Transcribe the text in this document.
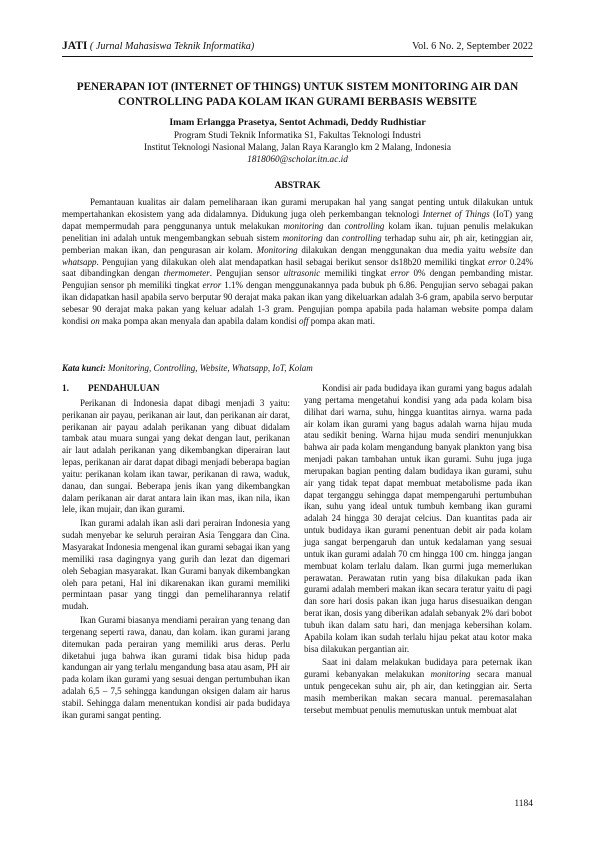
JATI ( Jurnal Mahasiswa Teknik Informatika)	Vol. 6 No. 2, September 2022
PENERAPAN IOT (INTERNET OF THINGS) UNTUK SISTEM MONITORING AIR DAN CONTROLLING PADA KOLAM IKAN GURAMI BERBASIS WEBSITE
Imam Erlangga Prasetya, Sentot Achmadi, Deddy Rudhistiar
Program Studi Teknik Informatika S1, Fakultas Teknologi Industri
Institut Teknologi Nasional Malang, Jalan Raya Karanglo km 2 Malang, Indonesia
1818060@scholar.itn.ac.id
ABSTRAK
Pemantauan kualitas air dalam pemeliharaan ikan gurami merupakan hal yang sangat penting untuk dilakukan untuk mempertahankan ekosistem yang ada didalamnya. Didukung juga oleh perkembangan teknologi Internet of Things (IoT) yang dapat mempermudah para penggunanya untuk melakukan monitoring dan controlling kolam ikan. tujuan penulis melakukan penelitian ini adalah untuk mengembangkan sebuah sistem monitoring dan controlling terhadap suhu air, ph air, ketinggian air, pemberian makan ikan, dan pengurasan air kolam. Monitoring dilakukan dengan menggunakan dua media yaitu website dan whatsapp. Pengujian yang dilakukan oleh alat mendapatkan hasil sebagai berikut sensor ds18b20 memiliki tingkat error 0.24% saat dibandingkan dengan thermometer. Pengujian sensor ultrasonic memiliki tingkat error 0% dengan pembanding mistar. Pengujian sensor ph memiliki tingkat error 1.1% dengan menggunakannya pada bubuk ph 6.86. Pengujian servo sebagai pakan ikan didapatkan hasil apabila servo berputar 90 derajat maka pakan ikan yang dikeluarkan adalah 3-6 gram, apabila servo berputar sebesar 90 derajat maka pakan yang keluar adalah 1-3 gram. Pengujian pompa apabila pada halaman website pompa dalam kondisi on maka pompa akan menyala dan apabila dalam kondisi off pompa akan mati.
Kata kunci: Monitoring, Controlling, Website, Whatsapp, IoT, Kolam
1. PENDAHULUAN

Perikanan di Indonesia dapat dibagi menjadi 3 yaitu: perikanan air payau, perikanan air laut, dan perikanan air darat, perikanan air payau adalah perikanan yang dibuat didalam tambak atau muara sungai yang dekat dengan laut, perikanan air laut adalah perikanan yang dikembangkan diperairan laut lepas, perikanan air darat dapat dibagi menjadi beberapa bagian yaitu: perikanan kolam ikan tawar, perikanan di rawa, waduk, danau, dan sungai. Beberapa jenis ikan yang dikembangkan dalam perikanan air darat antara lain ikan mas, ikan nila, ikan lele, ikan mujair, dan ikan gurami.

Ikan gurami adalah ikan asli dari perairan Indonesia yang sudah menyebar ke seluruh perairan Asia Tenggara dan Cina. Masyarakat Indonesia mengenal ikan gurami sebagai ikan yang memiliki rasa dagingnya yang gurih dan lezat dan digemari oleh Sebagian masyarakat. Ikan Gurami banyak dikembangkan oleh para petani, Hal ini dikarenakan ikan gurami memiliki permintaan pasar yang tinggi dan pemeliharannya relatif mudah.

Ikan Gurami biasanya mendiami perairan yang tenang dan tergenang seperti rawa, danau, dan kolam. ikan gurami jarang ditemukan pada perairan yang memiliki arus deras. Perlu diketahui juga bahwa ikan gurami tidak bisa hidup pada kandungan air yang terlalu mengandung basa atau asam, PH air pada kolam ikan gurami yang sesuai dengan pertumbuhan ikan adalah 6,5 – 7,5 sehingga kandungan oksigen dalam air harus stabil. Sehingga dalam menentukan kondisi air pada budidaya ikan gurami sangat penting.

Kondisi air pada budidaya ikan gurami yang bagus adalah yang pertama mengetahui kondisi yang ada pada kolam bisa dilihat dari warna, suhu, hingga kuantitas airnya. warna pada air kolam ikan gurami yang bagus adalah warna hijau muda atau sedikit bening. Warna hijau muda sendiri menunjukkan bahwa air pada kolam mengandung banyak plankton yang bisa menjadi pakan tambahan untuk ikan gurami. Suhu juga juga merupakan bagian penting dalam budidaya ikan gurami, suhu air yang tidak tepat dapat membuat metabolisme pada ikan dapat terganggu sehingga dapat mempengaruhi pertumbuhan ikan, suhu yang ideal untuk tumbuh kembang ikan gurami adalah 24 hingga 30 derajat celcius. Dan kuantitas pada air untuk budidaya ikan gurami penentuan debit air pada kolam juga sangat berpengaruh dan untuk kedalaman yang sesuai untuk ikan gurami adalah 70 cm hingga 100 cm. hingga jangan membuat kolam terlalu dalam. Ikan gurmi juga memerlukan perawatan. Perawatan rutin yang bisa dilakukan pada ikan gurami adalah memberi makan ikan secara teratur yaitu di pagi dan sore hari dosis pakan ikan juga harus disesuaikan dengan berat ikan, dosis yang diberikan adalah sebanyak 2% dari bobot tubuh ikan dalam satu hari, dan menjaga kebersihan kolam. Apabila kolam ikan sudah terlalu hijau pekat atau kotor maka bisa dilakukan pergantian air.

Saat ini dalam melakukan budidaya para peternak ikan gurami kebanyakan melakukan monitoring secara manual untuk pengecekan suhu air, ph air, dan ketinggian air. Serta masih memberikan makan secara manual. peremasalahan tersebut membuat penulis memutuskan untuk membuat alat

1184
